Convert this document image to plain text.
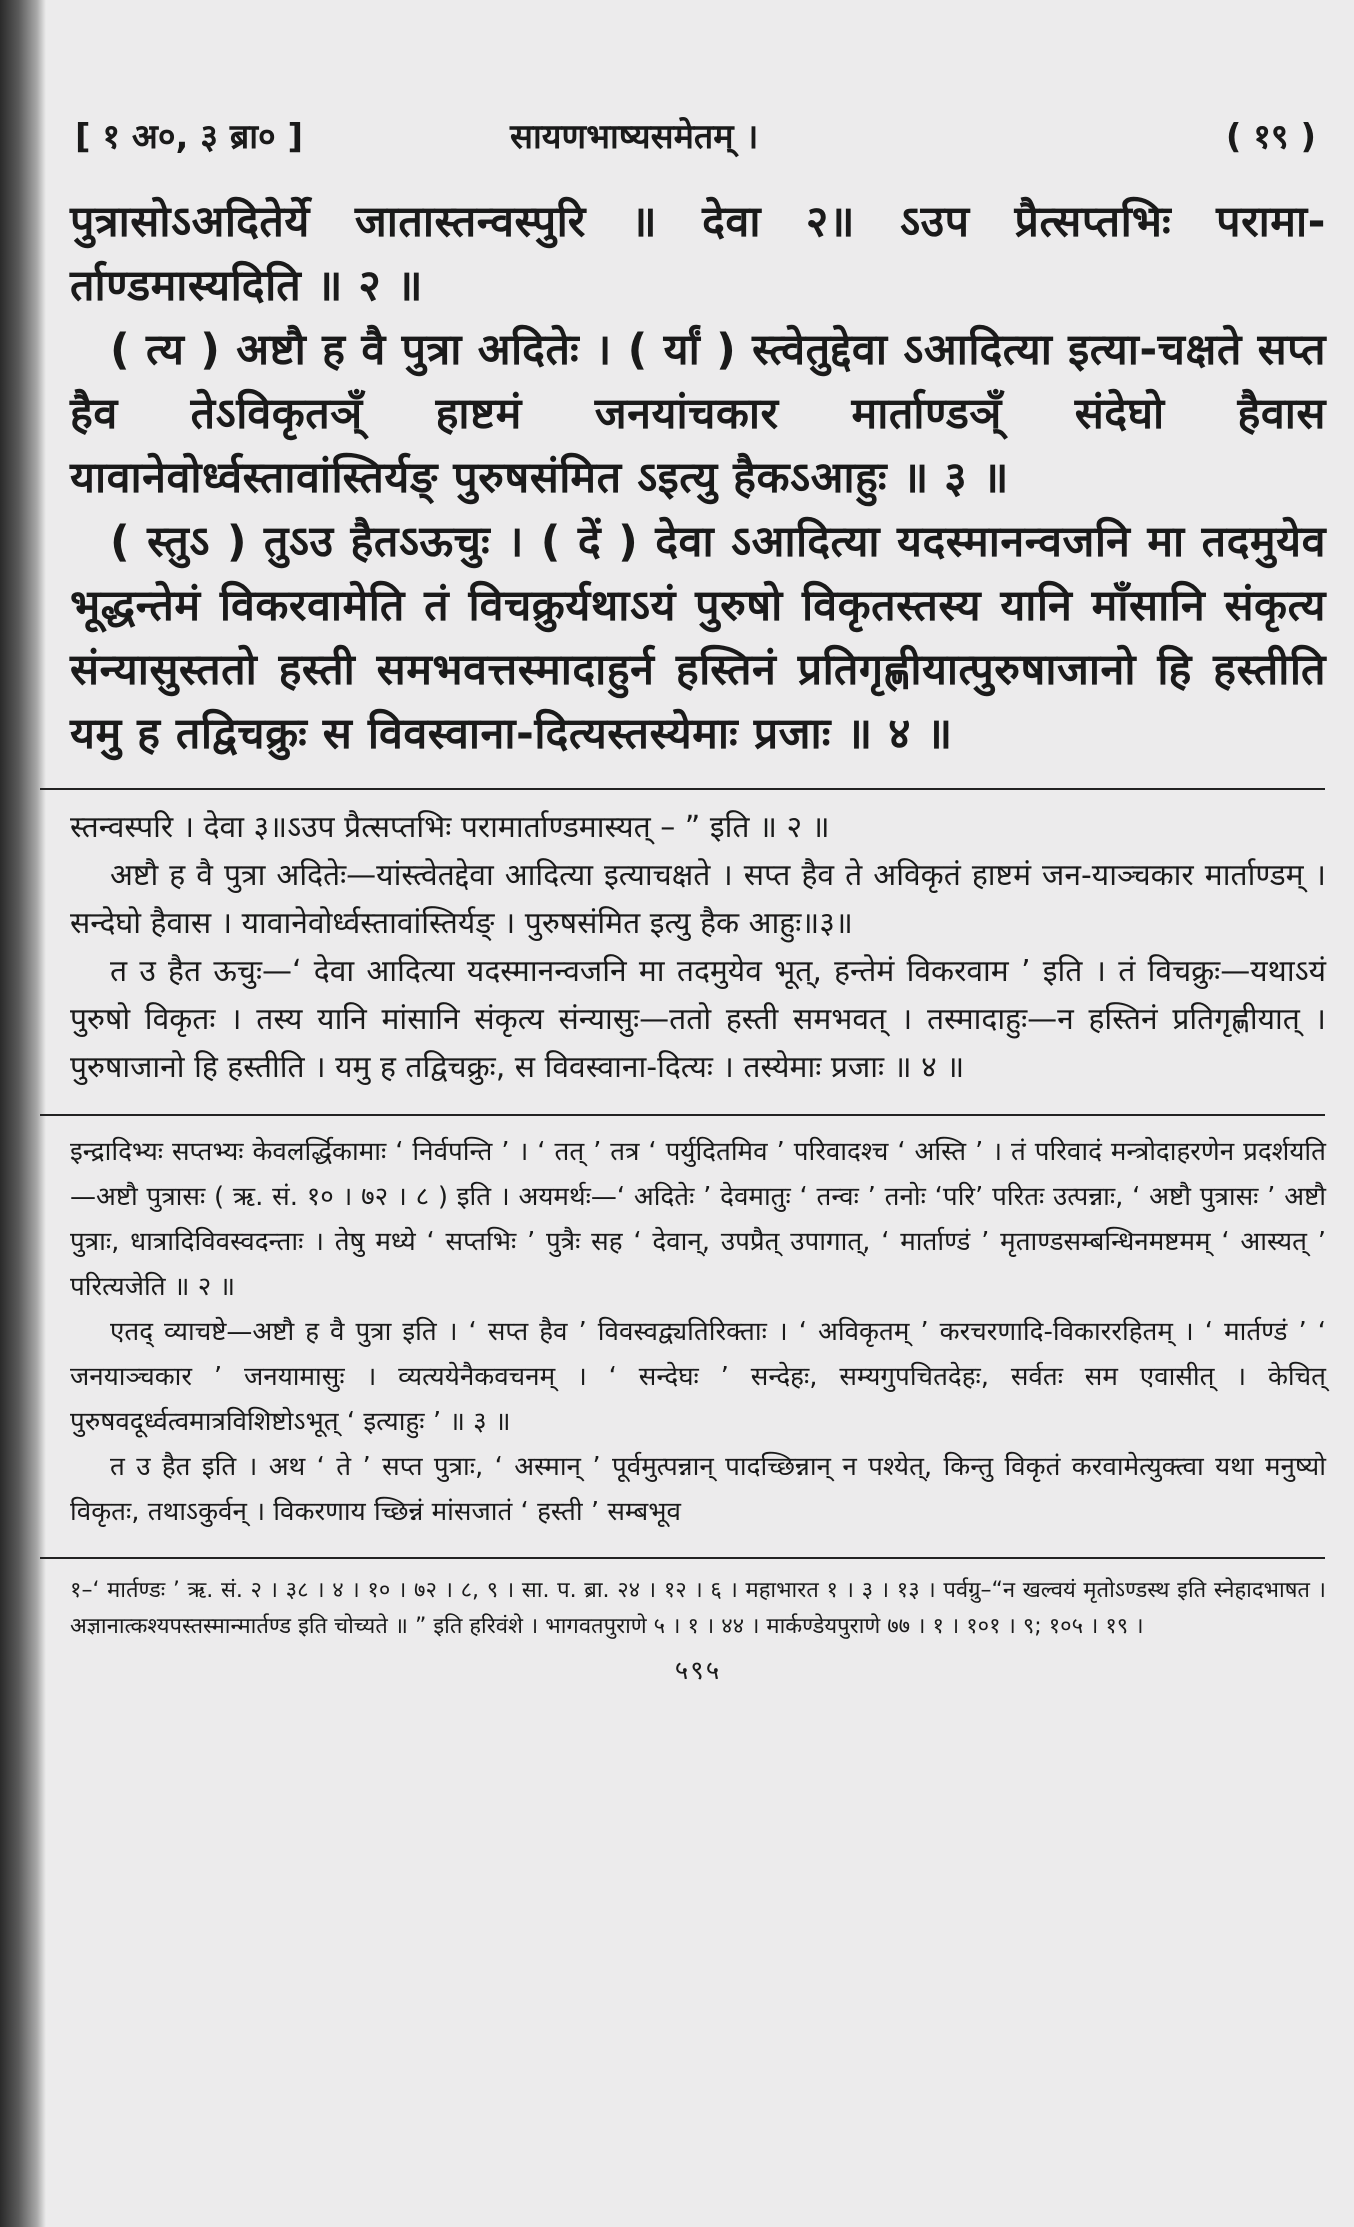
[ १ अ०, ३ ब्रा० ]	सायणभाष्यसमेतम् ।	( १९ )

पुत्रासोऽअदितेर्ये जातास्तन्वस्पुरि ॥ देवा २॥ ऽउप प्रैत्सप्तभिः परामा-र्ताण्डमास्यदिति ॥ २ ॥

( त्य ) अष्टौ ह वै पुत्रा अदितेः । ( र्यां ) स्त्वेतुद्देवा ऽआदित्या इत्या-चक्षते सप्त हैव तेऽविकृतञ्ँ हाष्टमं जनयांचकार मार्ताण्डञ्ँ संदेघो हैवास यावानेवोर्ध्वस्तावांस्तिर्यङ्‌ पुरुषसंमित ऽइत्यु हैकऽआहुः ॥ ३ ॥

( स्तुऽ ) तुऽउ हैतऽऊचुः । ( दें ) देवा ऽआदित्या यदस्मानन्वजनि मा तदमुयेव भूद्धन्तेमं विकरवामेति तं विचक्रुर्यथाऽयं पुरुषो विकृतस्तस्य यानि माॅंसानि संकृत्य संन्यासुस्ततो हस्ती समभवत्तस्मादाहुर्न हस्तिनं प्रतिगृह्णीयात्पुरुषाजानो हि हस्तीति यमु ह तद्विचक्रुः स विवस्वाना-दित्यस्तस्येमाः प्रजाः ॥ ४ ॥

स्तन्वस्परि । देवा ३॥ऽउप प्रैत्सप्तभिः परामार्ताण्डमास्यत् – ” इति ॥ २ ॥

अष्टौ ह वै पुत्रा अदितेः—यांस्त्वेतद्देवा आदित्या इत्याचक्षते । सप्त हैव ते अविकृतं हाष्टमं जन-याञ्चकार मार्ताण्डम् । सन्देघो हैवास । यावानेवोर्ध्वस्तावांस्तिर्यङ् । पुरुषसंमित इत्यु हैक आहुः॥३॥

त उ हैत ऊचुः—‘ देवा आदित्या यदस्मानन्वजनि मा तदमुयेव भूत्, हन्तेमं विकरवाम ’ इति । तं विचक्रुः—यथाऽयं पुरुषो विकृतः । तस्य यानि मांसानि संकृत्य संन्यासुः—ततो हस्ती समभवत् । तस्मादाहुः—न हस्तिनं प्रतिगृह्णीयात् । पुरुषाजानो हि हस्तीति । यमु ह तद्विचक्रुः, स विवस्वाना-दित्यः । तस्येमाः प्रजाः ॥ ४ ॥

इन्द्रादिभ्यः सप्तभ्यः केवलर्द्धिकामाः ‘ निर्वपन्ति ’ । ‘ तत् ’ तत्र ‘ पर्युदितमिव ’ परिवादश्च ‘ अस्ति ’ । तं परिवादं मन्त्रोदाहरणेन प्रदर्शयति—अष्टौ पुत्रासः ( ऋ. सं. १० । ७२ । ८ ) इति । अयमर्थः—‘ अदितेः ’ देवमातुः ‘ तन्वः ’ तनोः ‘परि’ परितः उत्पन्नाः, ‘ अष्टौ पुत्रासः ’ अष्टौ पुत्राः, धात्रादिविवस्वदन्ताः । तेषु मध्ये ‘ सप्तभिः ’ पुत्रैः सह ‘ देवान्, उपप्रैत् उपागात्, ‘ मार्ताण्डं ’ मृताण्डसम्बन्धिनमष्टमम् ‘ आस्यत् ’ परित्यजेति ॥ २ ॥

एतद् व्याचष्टे—अष्टौ ह वै पुत्रा इति । ‘ सप्त हैव ’ विवस्वद्व्यतिरिक्ताः । ‘ अविकृतम् ’ करचरणादि-विकाररहितम् । ‘ मार्तण्डं ’ ‘ जनयाञ्चकार ’ जनयामासुः । व्यत्ययेनैकवचनम् । ‘ सन्देघः ’ सन्देहः, सम्यगुपचितदेहः, सर्वतः सम एवासीत् । केचित् पुरुषवदूर्ध्वत्वमात्रविशिष्टोऽभूत् ‘ इत्याहुः ’ ॥ ३ ॥

त उ हैत इति । अथ ‘ ते ’ सप्त पुत्राः, ‘ अस्मान् ’ पूर्वमुत्पन्नान् पादच्छिन्नान् न पश्येत्, किन्तु विकृतं करवामेत्युक्त्वा यथा मनुष्यो विकृतः, तथाऽकुर्वन् । विकरणाय च्छिन्नं मांसजातं ‘ हस्ती ’ सम्बभूव

१–‘ मार्तण्डः ’ ऋ. सं. २ । ३८ । ४ । १० । ७२ । ८, ९ । सा. प. ब्रा. २४ । १२ । ६ । महाभारत १ । ३ । १३ । पर्वग्रु–“न खल्वयं मृतोऽण्डस्थ इति स्नेहादभाषत । अज्ञानात्कश्यपस्तस्मान्मार्तण्ड इति चोच्यते ॥ ” इति हरिवंशे । भागवतपुराणे ५ । १ । ४४ । मार्कण्डेयपुराणे ७७ । १ । १०१ । ९; १०५ । १९ ।

५९५
